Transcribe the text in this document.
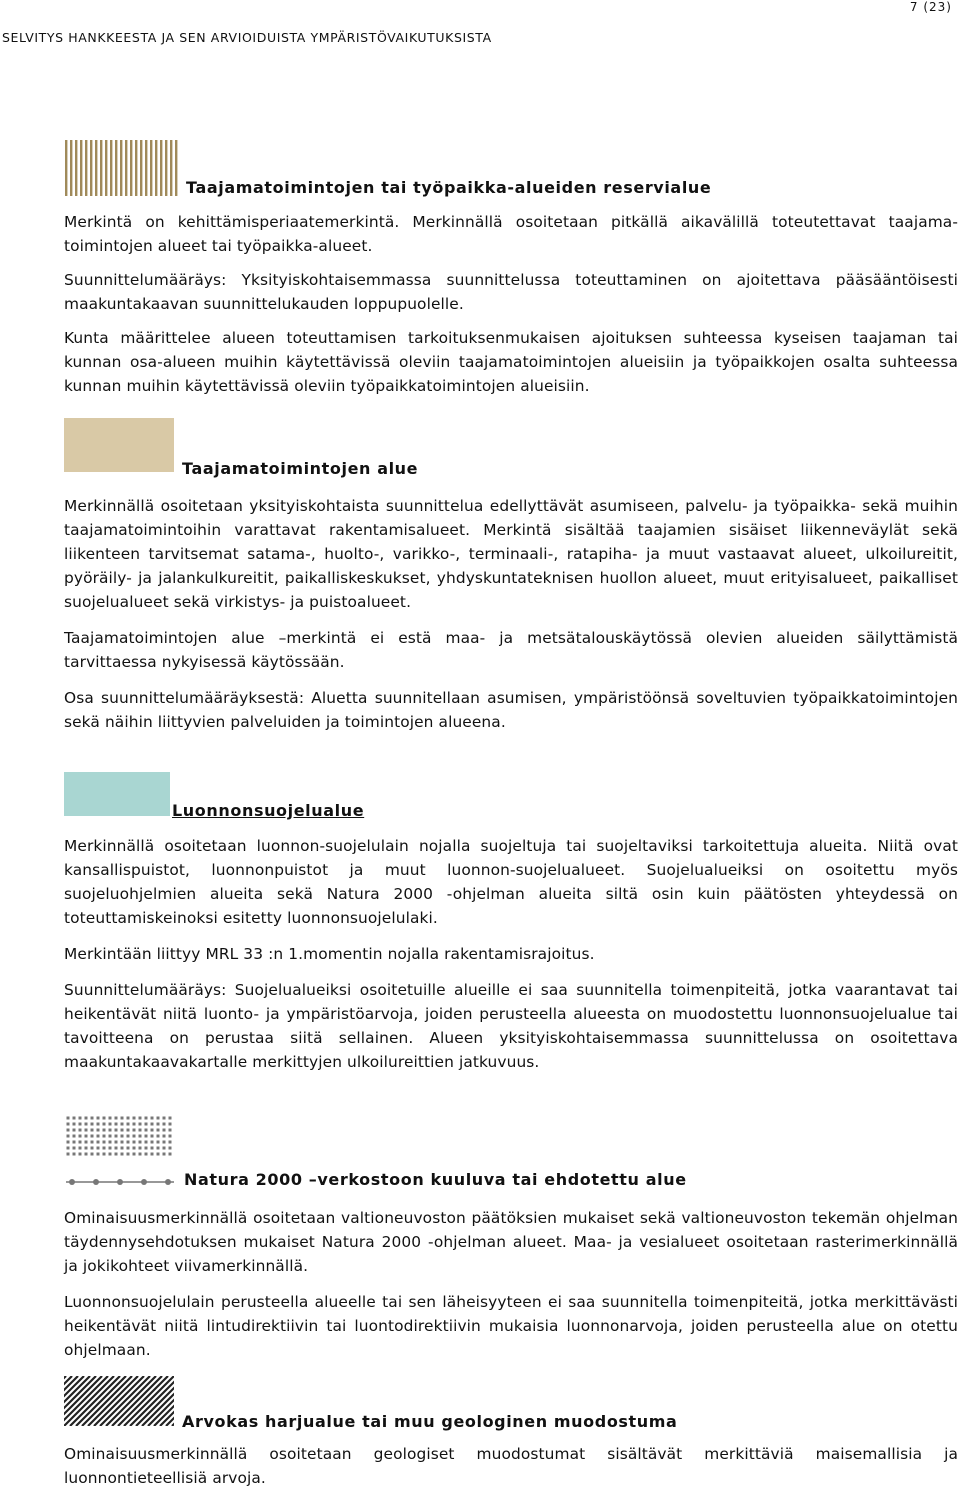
7 (23)
SELVITYS HANKKEESTA JA SEN ARVIOIDUISTA YMPÄRISTÖVAIKUTUKSISTA
Taajamatoimintojen tai työpaikka-alueiden reservialue

Merkintä on kehittämisperiaatemerkintä. Merkinnällä osoitetaan pitkällä aikavälillä toteutettavat taajama-toimintojen alueet tai työpaikka-alueet.

Suunnittelumääräys: Yksityiskohtaisemmassa suunnittelussa toteuttaminen on ajoitettava pääsääntöisesti maakuntakaavan suunnittelukauden loppupuolelle.

Kunta määrittelee alueen toteuttamisen tarkoituksenmukaisen ajoituksen suhteessa kyseisen taajaman tai kunnan osa-alueen muihin käytettävissä oleviin taajamatoimintojen alueisiin ja työpaikkojen osalta suhteessa kunnan muihin käytettävissä oleviin työpaikkatoimintojen alueisiin.

Taajamatoimintojen alue

Merkinnällä osoitetaan yksityiskohtaista suunnittelua edellyttävät asumiseen, palvelu- ja työpaikka- sekä muihin taajamatoimintoihin varattavat rakentamisalueet. Merkintä sisältää taajamien sisäiset liikenneväylät sekä liikenteen tarvitsemat satama-, huolto-, varikko-, terminaali-, ratapiha- ja muut vastaavat alueet, ulkoilureitit, pyöräily- ja jalankulkureitit, paikalliskeskukset, yhdyskuntateknisen huollon alueet, muut erityisalueet, paikalliset suojelualueet sekä virkistys- ja puistoalueet.

Taajamatoimintojen alue –merkintä ei estä maa- ja metsätalouskäytössä olevien alueiden säilyttämistä tarvittaessa nykyisessä käytössään.

Osa suunnittelumääräyksestä: Aluetta suunnitellaan asumisen, ympäristöönsä soveltuvien työpaikkatoimintojen sekä näihin liittyvien palveluiden ja toimintojen alueena.

Luonnonsuojelualue

Merkinnällä osoitetaan luonnon-suojelulain nojalla suojeltuja tai suojeltaviksi tarkoitettuja alueita. Niitä ovat kansallispuistot, luonnonpuistot ja muut luonnon-suojelualueet. Suojelualueiksi on osoitettu myös suojeluohjelmien alueita sekä Natura 2000 -ohjelman alueita siltä osin kuin päätösten yhteydessä on toteuttamiskeinoksi esitetty luonnonsuojelulaki.

Merkintään liittyy MRL 33 :n 1.momentin nojalla rakentamisrajoitus.

Suunnittelumääräys: Suojelualueiksi osoitetuille alueille ei saa suunnitella toimenpiteitä, jotka vaarantavat tai heikentävät niitä luonto- ja ympäristöarvoja, joiden perusteella alueesta on muodostettu luonnonsuojelualue tai tavoitteena on perustaa siitä sellainen. Alueen yksityiskohtaisemmassa suunnittelussa on osoitettava maakuntakaavakartalle merkittyjen ulkoilureittien jatkuvuus.

Natura 2000 –verkostoon kuuluva tai ehdotettu alue

Ominaisuusmerkinnällä osoitetaan valtioneuvoston päätöksien mukaiset sekä valtioneuvoston tekemän ohjelman täydennysehdotuksen mukaiset Natura 2000 -ohjelman alueet. Maa- ja vesialueet osoitetaan rasterimerkinnällä ja jokikohteet viivamerkinnällä.

Luonnonsuojelulain perusteella alueelle tai sen läheisyyteen ei saa suunnitella toimenpiteitä, jotka merkittävästi heikentävät niitä lintudirektiivin tai luontodirektiivin mukaisia luonnonarvoja, joiden perusteella alue on otettu ohjelmaan.

Arvokas harjualue tai muu geologinen muodostuma

Ominaisuusmerkinnällä osoitetaan geologiset muodostumat sisältävät merkittäviä maisemallisia ja luonnontieteellisiä arvoja.
